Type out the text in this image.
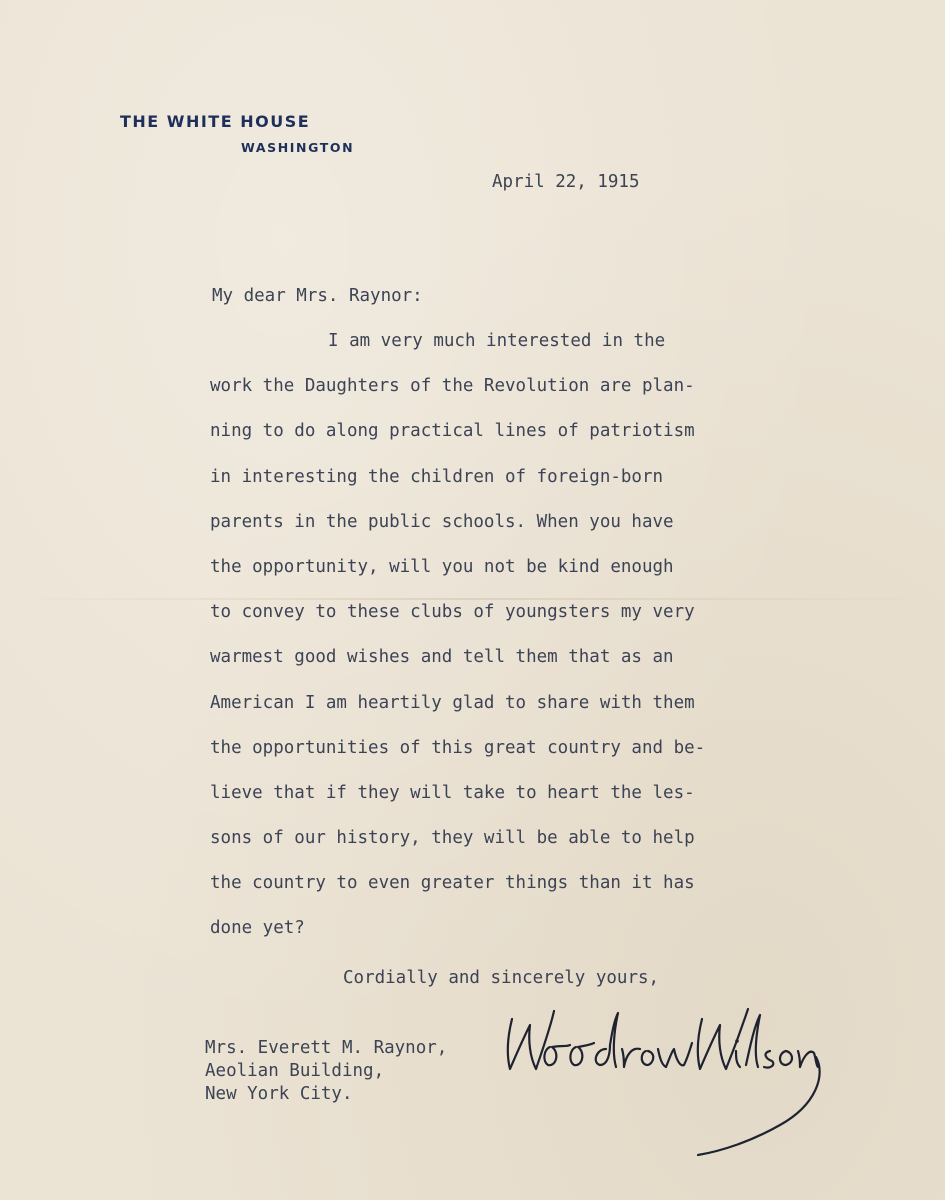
THE WHITE HOUSE
WASHINGTON
April 22, 1915
My dear Mrs. Raynor:
I am very much interested in the
work the Daughters of the Revolution are plan-
ning to do along practical lines of patriotism
in interesting the children of foreign-born
parents in the public schools. When you have
the opportunity, will you not be kind enough
to convey to these clubs of youngsters my very
warmest good wishes and tell them that as an
American I am heartily glad to share with them
the opportunities of this great country and be-
lieve that if they will take to heart the les-
sons of our history, they will be able to help
the country to even greater things than it has
done yet?
Cordially and sincerely yours,
Mrs. Everett M. Raynor,
Aeolian Building,
New York City.
